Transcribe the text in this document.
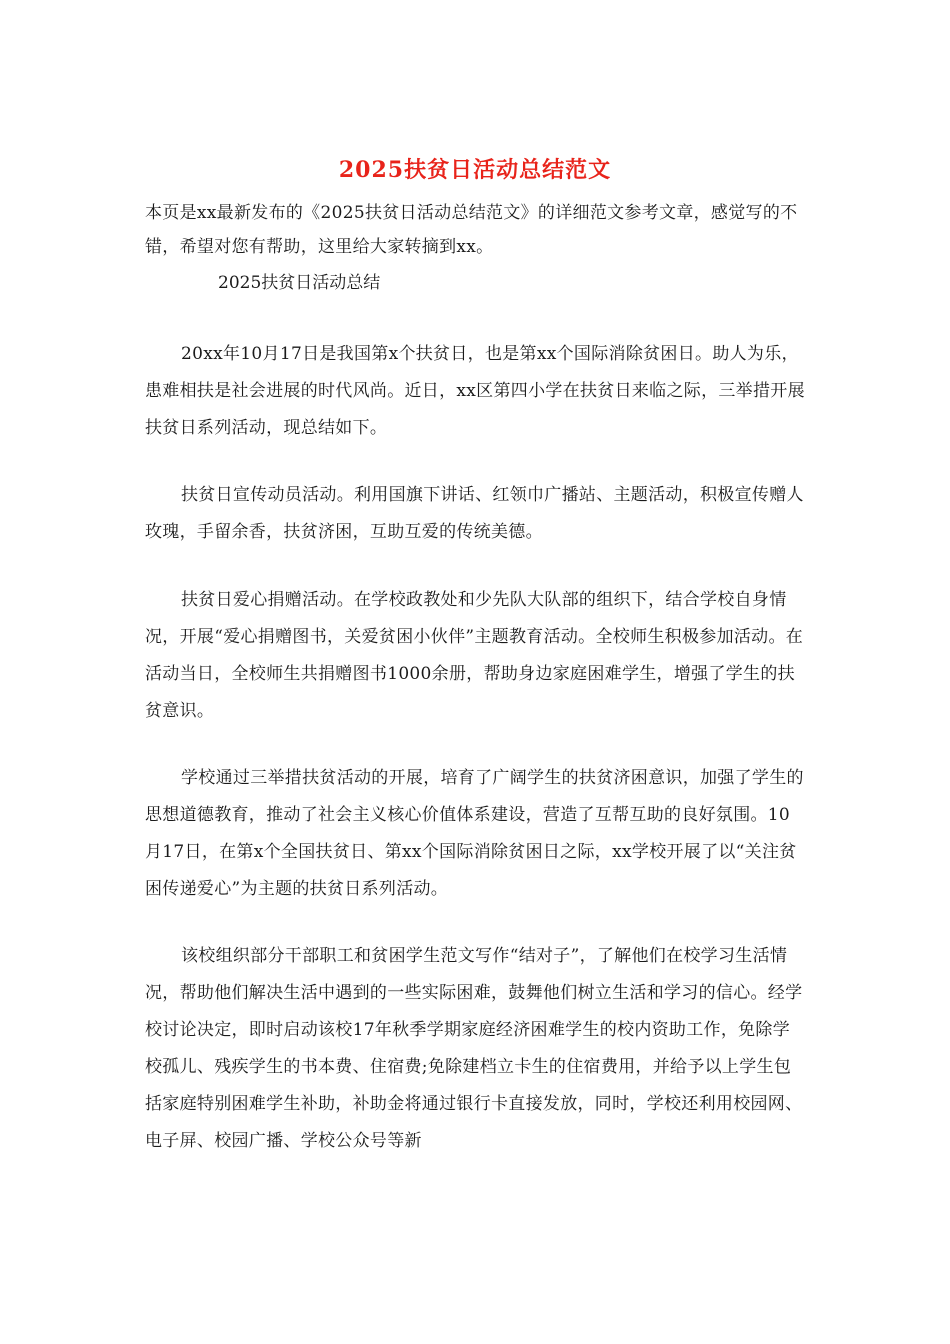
2025扶贫日活动总结范文
本页是xx最新发布的《2025扶贫日活动总结范文》的详细范文参考文章，感觉写的不错，希望对您有帮助，这里给大家转摘到xx。
2025扶贫日活动总结

20xx年10月17日是我国第x个扶贫日，也是第xx个国际消除贫困日。助人为乐，患难相扶是社会进展的时代风尚。近日，xx区第四小学在扶贫日来临之际，三举措开展扶贫日系列活动，现总结如下。

扶贫日宣传动员活动。利用国旗下讲话、红领巾广播站、主题活动，积极宣传赠人玫瑰，手留余香，扶贫济困，互助互爱的传统美德。

扶贫日爱心捐赠活动。在学校政教处和少先队大队部的组织下，结合学校自身情况，开展“爱心捐赠图书，关爱贫困小伙伴”主题教育活动。全校师生积极参加活动。在活动当日，全校师生共捐赠图书1000余册，帮助身边家庭困难学生，增强了学生的扶贫意识。

学校通过三举措扶贫活动的开展，培育了广阔学生的扶贫济困意识，加强了学生的思想道德教育，推动了社会主义核心价值体系建设，营造了互帮互助的良好氛围。10月17日，在第x个全国扶贫日、第xx个国际消除贫困日之际，xx学校开展了以“关注贫困传递爱心”为主题的扶贫日系列活动。

该校组织部分干部职工和贫困学生范文写作“结对子”，了解他们在校学习生活情况，帮助他们解决生活中遇到的一些实际困难，鼓舞他们树立生活和学习的信心。经学校讨论决定，即时启动该校17年秋季学期家庭经济困难学生的校内资助工作，免除学校孤儿、残疾学生的书本费、住宿费;免除建档立卡生的住宿费用，并给予以上学生包括家庭特别困难学生补助，补助金将通过银行卡直接发放，同时，学校还利用校园网、电子屏、校园广播、学校公众号等新
